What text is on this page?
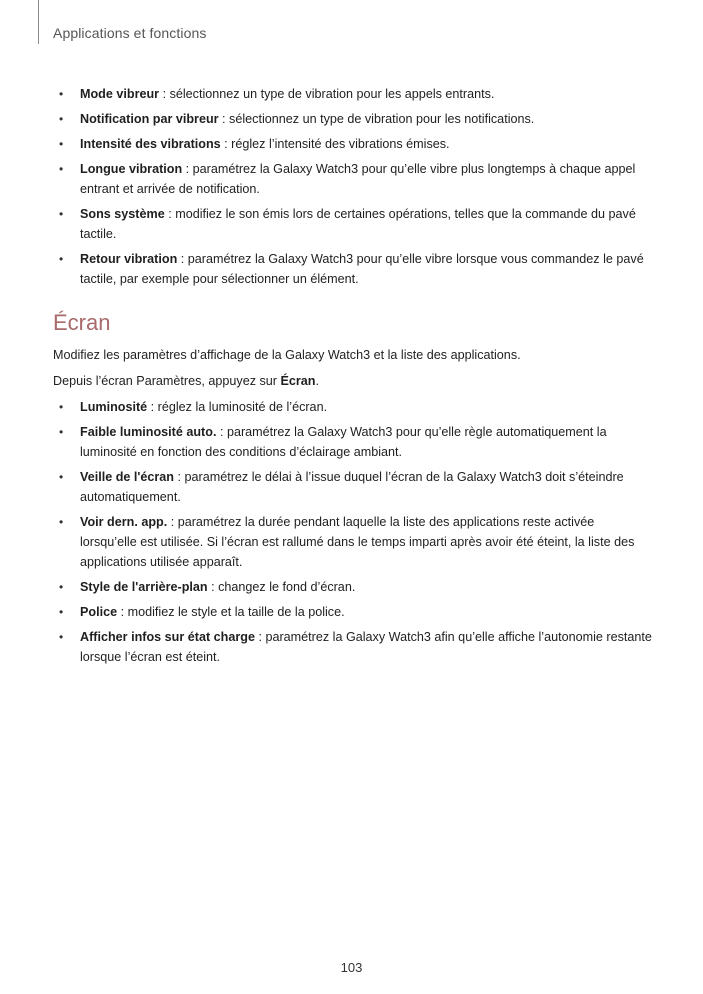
Applications et fonctions
• Mode vibreur : sélectionnez un type de vibration pour les appels entrants.
• Notification par vibreur : sélectionnez un type de vibration pour les notifications.
• Intensité des vibrations : réglez l’intensité des vibrations émises.
• Longue vibration : paramétrez la Galaxy Watch3 pour qu’elle vibre plus longtemps à chaque appel entrant et arrivée de notification.
• Sons système : modifiez le son émis lors de certaines opérations, telles que la commande du pavé tactile.
• Retour vibration : paramétrez la Galaxy Watch3 pour qu’elle vibre lorsque vous commandez le pavé tactile, par exemple pour sélectionner un élément.
Écran

Modifiez les paramètres d’affichage de la Galaxy Watch3 et la liste des applications.

Depuis l’écran Paramètres, appuyez sur Écran.

• Luminosité : réglez la luminosité de l’écran.
• Faible luminosité auto. : paramétrez la Galaxy Watch3 pour qu’elle règle automatiquement la luminosité en fonction des conditions d’éclairage ambiant.
• Veille de l'écran : paramétrez le délai à l’issue duquel l’écran de la Galaxy Watch3 doit s’éteindre automatiquement.
• Voir dern. app. : paramétrez la durée pendant laquelle la liste des applications reste activée lorsqu’elle est utilisée. Si l’écran est rallumé dans le temps imparti après avoir été éteint, la liste des applications utilisée apparaît.
• Style de l'arrière-plan : changez le fond d’écran.
• Police : modifiez le style et la taille de la police.
• Afficher infos sur état charge : paramétrez la Galaxy Watch3 afin qu’elle affiche l’autonomie restante lorsque l’écran est éteint.
103
